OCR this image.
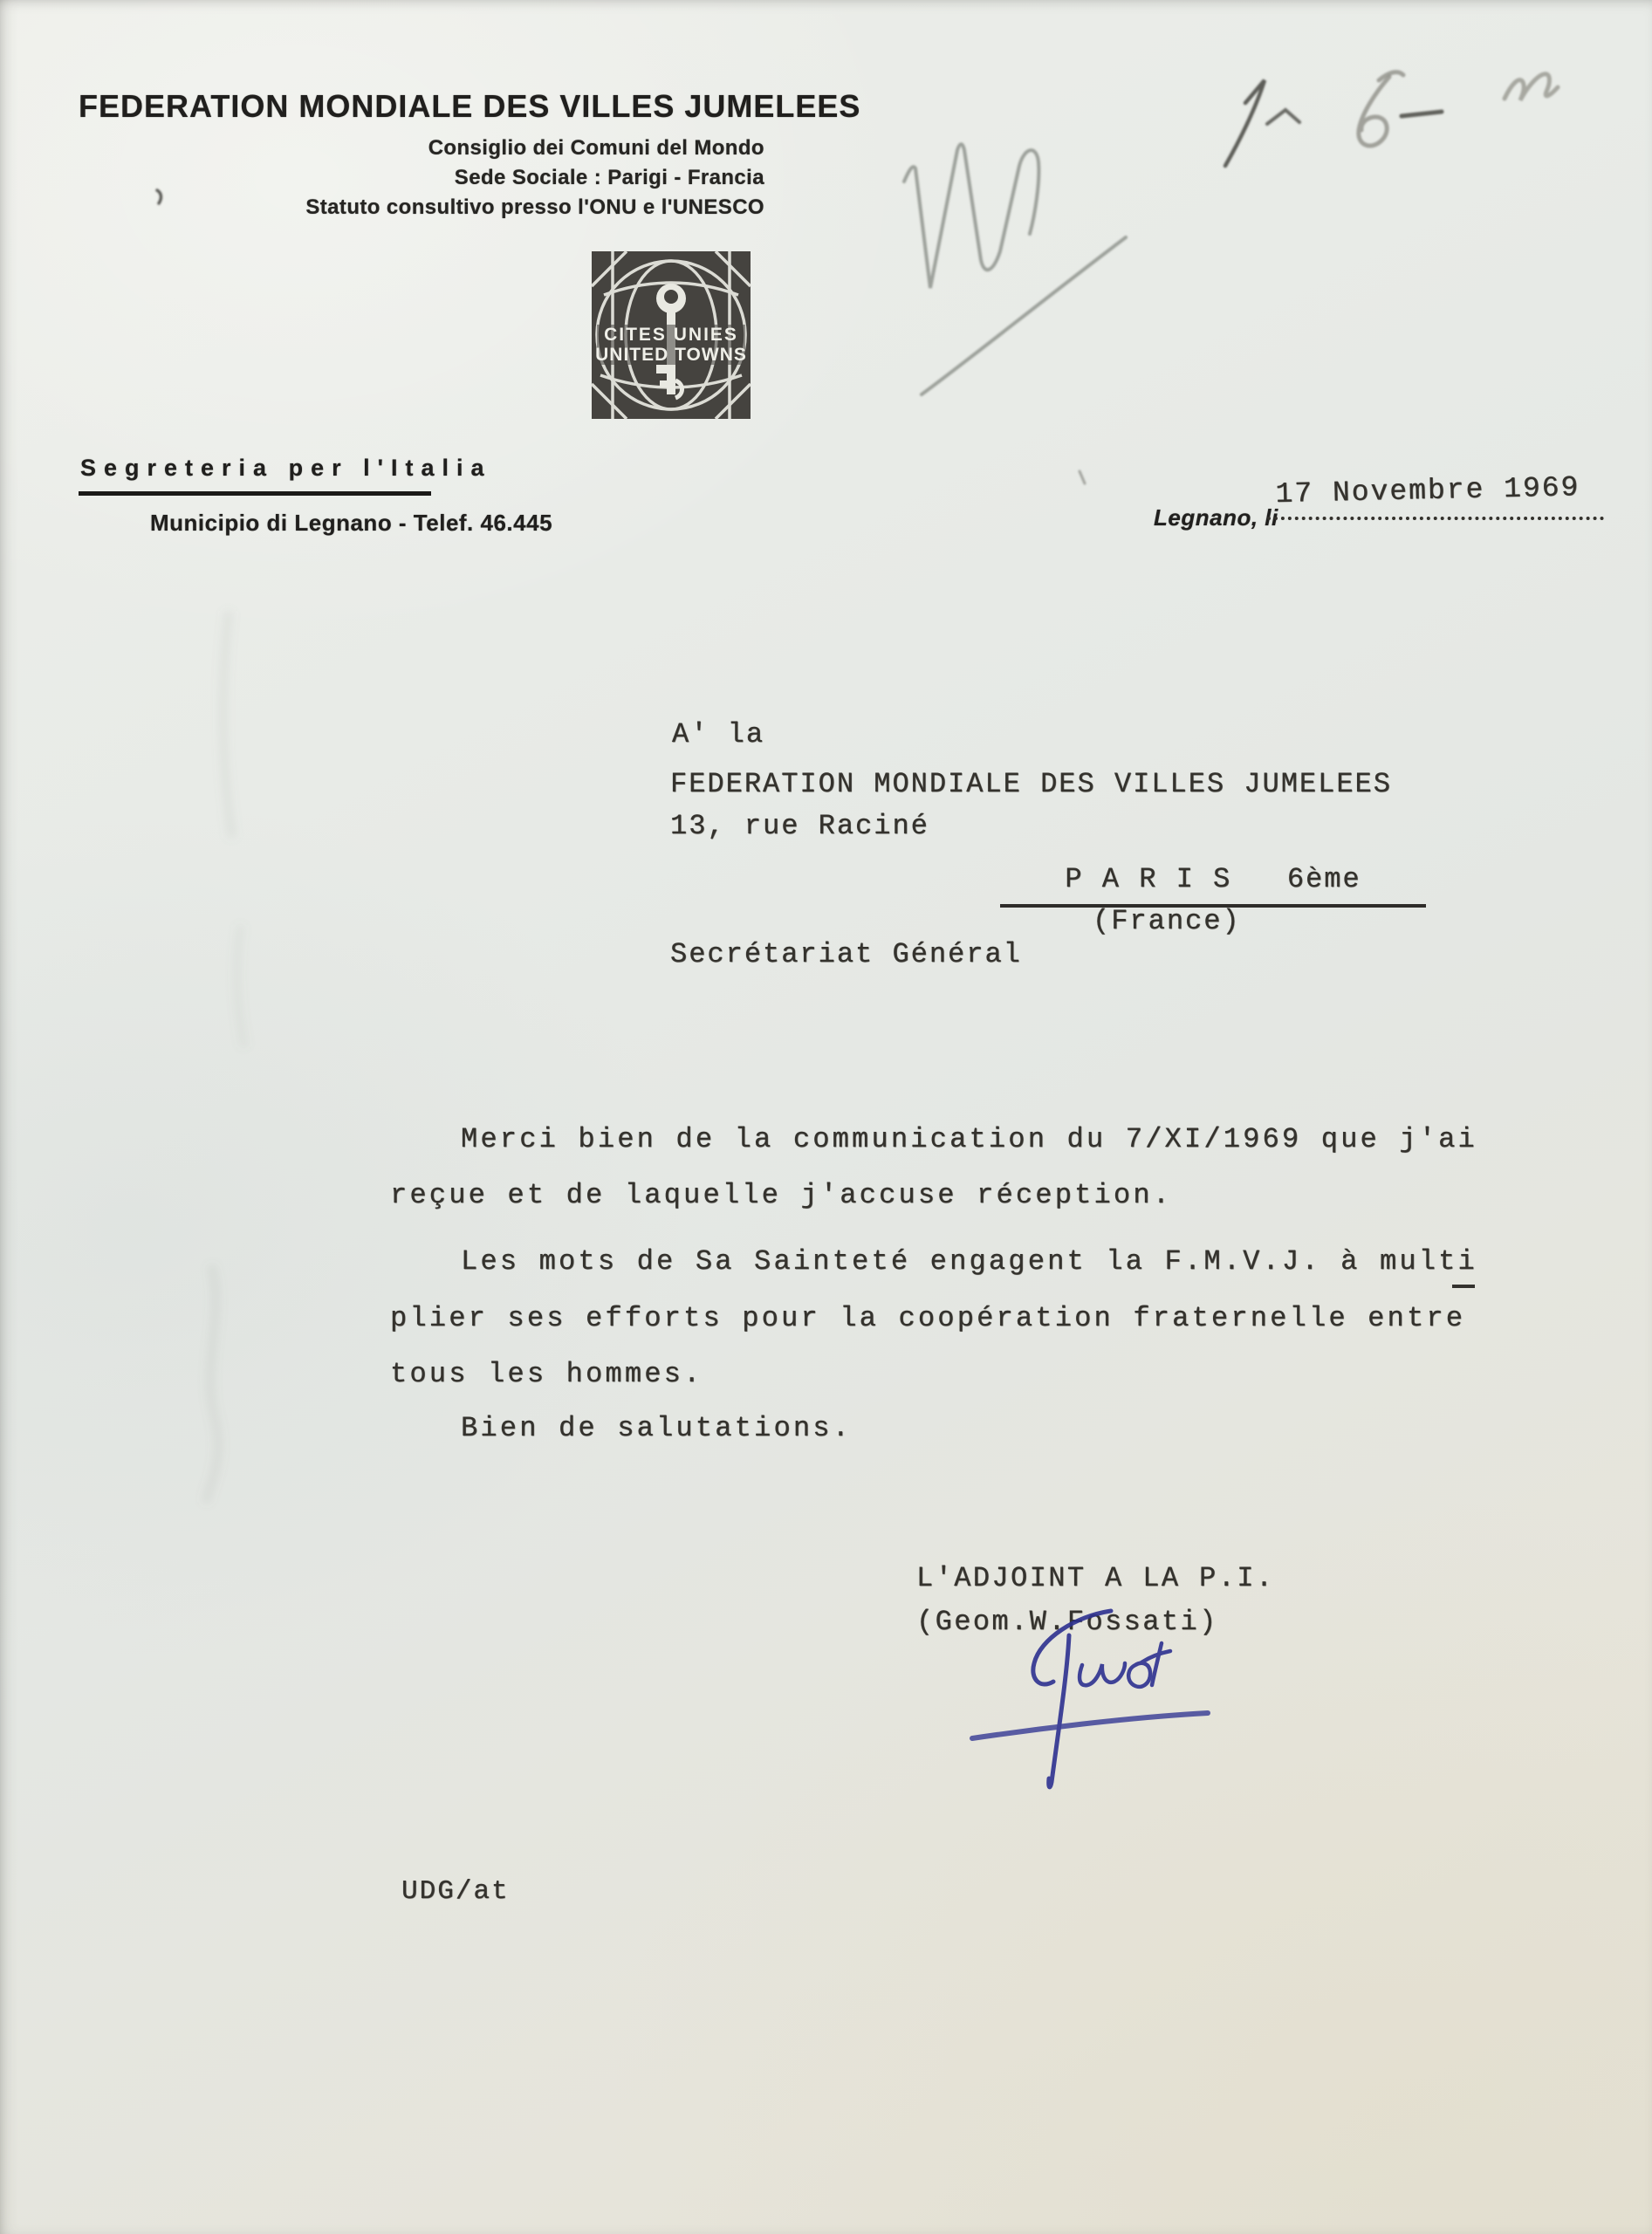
FEDERATION MONDIALE DES VILLES JUMELEES
Consiglio dei Comuni del Mondo
Sede Sociale : Parigi - Francia
Statuto consultivo presso l'ONU e l'UNESCO
CITES UNIES
UNITED TOWNS
Segreteria per l'Italia
Municipio di Legnano - Telef. 46.445	Legnano, li
17 Novembre 1969
A' la
FEDERATION MONDIALE DES VILLES JUMELEES
13, rue Raciné
P A R I S   6ème
(France)
Secrétariat Général
Merci bien de la communication du 7/XI/1969 que j'ai
reçue et de laquelle j'accuse réception.
Les mots de Sa Sainteté engagent la F.M.V.J. à multi
plier ses efforts pour la coopération fraternelle entre
tous les hommes.
Bien de salutations.
L'ADJOINT A LA P.I.
(Geom.W.Fossati)
UDG/at
